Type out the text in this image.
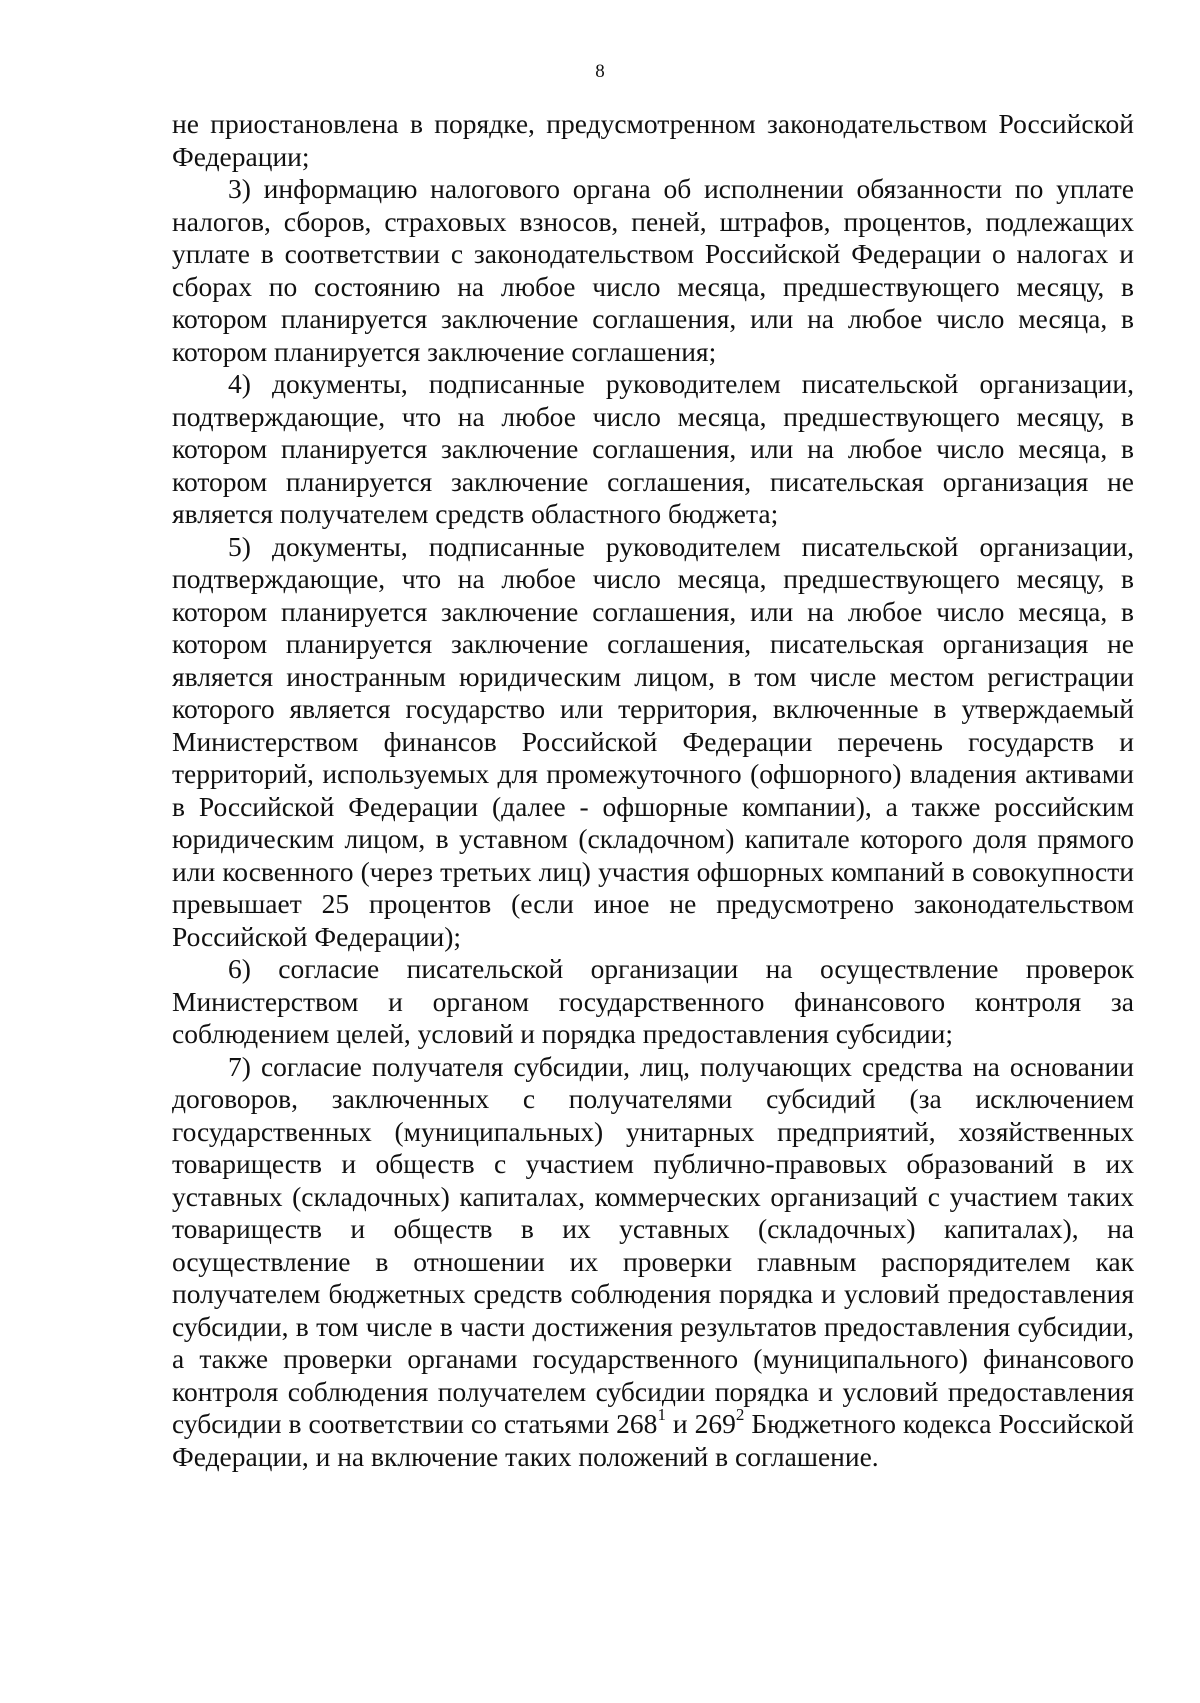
8

не приостановлена в порядке, предусмотренном законодательством Российской Федерации;

3) информацию налогового органа об исполнении обязанности по уплате налогов, сборов, страховых взносов, пеней, штрафов, процентов, подлежащих уплате в соответствии с законодательством Российской Федерации о налогах и сборах по состоянию на любое число месяца, предшествующего месяцу, в котором планируется заключение соглашения, или на любое число месяца, в котором планируется заключение соглашения;

4) документы, подписанные руководителем писательской организации, подтверждающие, что на любое число месяца, предшествующего месяцу, в котором планируется заключение соглашения, или на любое число месяца, в котором планируется заключение соглашения, писательская организация не является получателем средств областного бюджета;

5) документы, подписанные руководителем писательской организации, подтверждающие, что на любое число месяца, предшествующего месяцу, в котором планируется заключение соглашения, или на любое число месяца, в котором планируется заключение соглашения, писательская организация не является иностранным юридическим лицом, в том числе местом регистрации которого является государство или территория, включенные в утверждаемый Министерством финансов Российской Федерации перечень государств и территорий, используемых для промежуточного (офшорного) владения активами в Российской Федерации (далее - офшорные компании), а также российским юридическим лицом, в уставном (складочном) капитале которого доля прямого или косвенного (через третьих лиц) участия офшорных компаний в совокупности превышает 25 процентов (если иное не предусмотрено законодательством Российской Федерации);

6) согласие писательской организации на осуществление проверок Министерством и органом государственного финансового контроля за соблюдением целей, условий и порядка предоставления субсидии;

7) согласие получателя субсидии, лиц, получающих средства на основании договоров, заключенных с получателями субсидий (за исключением государственных (муниципальных) унитарных предприятий, хозяйственных товариществ и обществ с участием публично-правовых образований в их уставных (складочных) капиталах, коммерческих организаций с участием таких товариществ и обществ в их уставных (складочных) капиталах), на осуществление в отношении их проверки главным распорядителем как получателем бюджетных средств соблюдения порядка и условий предоставления субсидии, в том числе в части достижения результатов предоставления субсидии, а также проверки органами государственного (муниципального) финансового контроля соблюдения получателем субсидии порядка и условий предоставления субсидии в соответствии со статьями $268^1$ и $269^2$ Бюджетного кодекса Российской Федерации, и на включение таких положений в соглашение.
